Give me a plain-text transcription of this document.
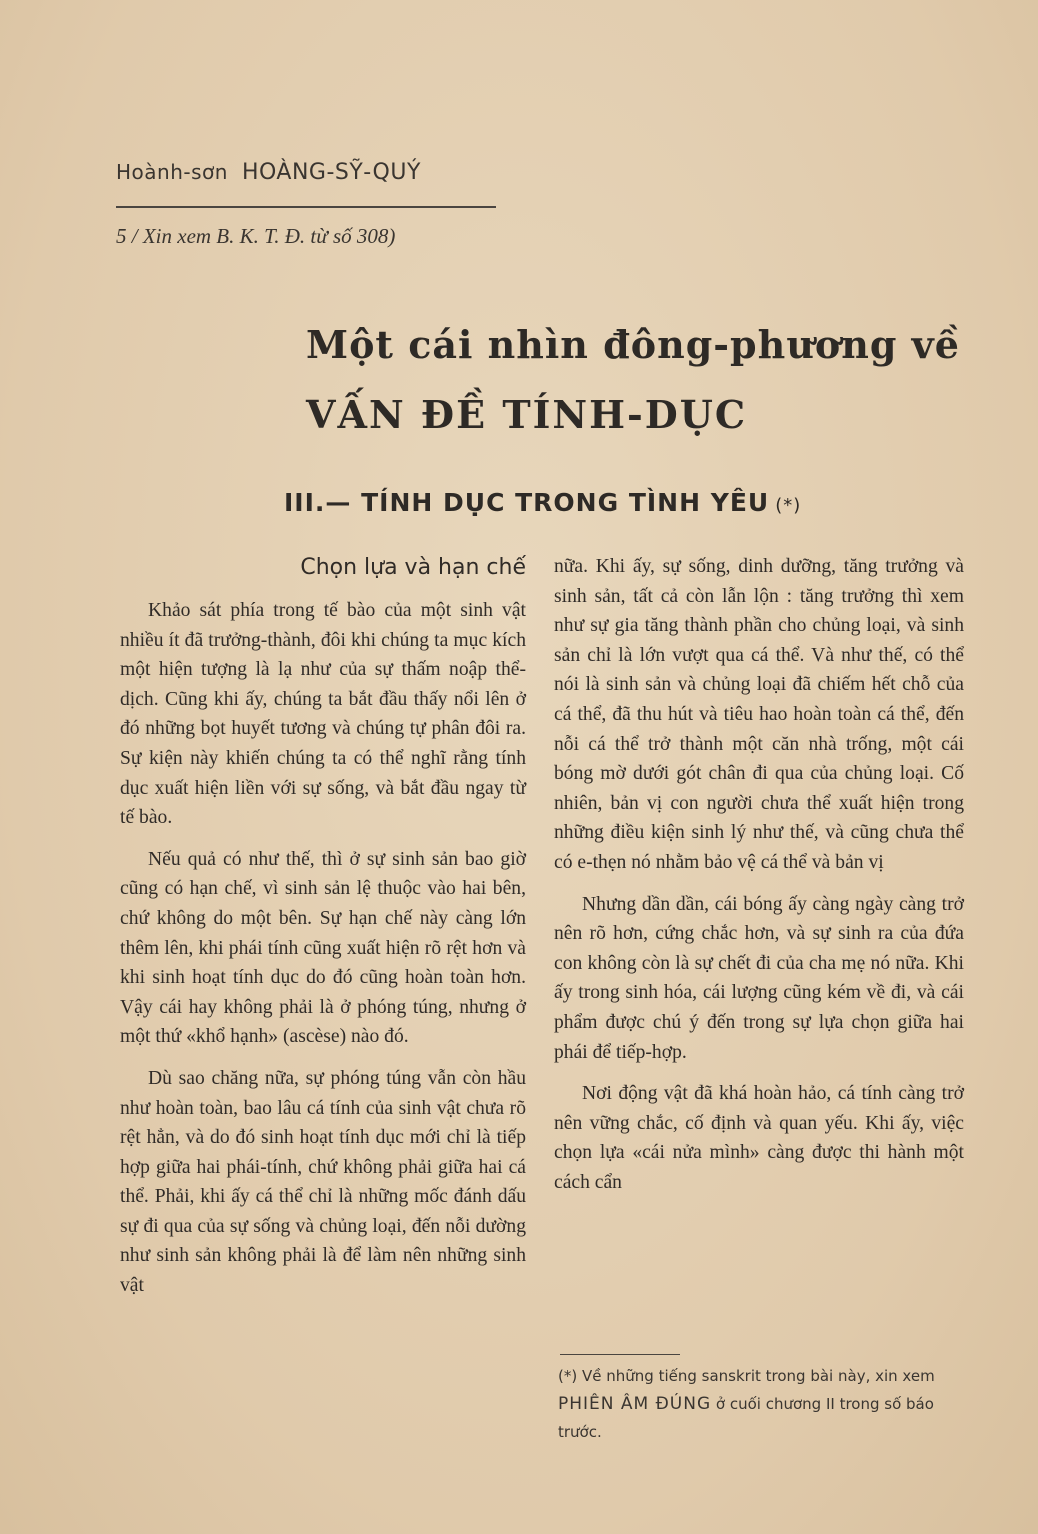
Hoành-sơn HOÀNG-SỸ-QUÝ
5 / Xin xem B. K. T. Đ. từ số 308)
Một cái nhìn đông-phương về
VẤN ĐỀ TÍNH-DỤC
III.— TÍNH DỤC TRONG TÌNH YÊU (*)
Chọn lựa và hạn chế

Khảo sát phía trong tế bào của một sinh vật nhiều ít đã trưởng-thành, đôi khi chúng ta mục kích một hiện tượng là lạ như của sự thấm noập thể-dịch. Cũng khi ấy, chúng ta bắt đầu thấy nổi lên ở đó những bọt huyết tương và chúng tự phân đôi ra. Sự kiện này khiến chúng ta có thể nghĩ rằng tính dục xuất hiện liền với sự sống, và bắt đầu ngay từ tế bào.

Nếu quả có như thế, thì ở sự sinh sản bao giờ cũng có hạn chế, vì sinh sản lệ thuộc vào hai bên, chứ không do một bên. Sự hạn chế này càng lớn thêm lên, khi phái tính cũng xuất hiện rõ rệt hơn và khi sinh hoạt tính dục do đó cũng hoàn toàn hơn. Vậy cái hay không phải là ở phóng túng, nhưng ở một thứ «khổ hạnh» (ascèse) nào đó.

Dù sao chăng nữa, sự phóng túng vẫn còn hầu như hoàn toàn, bao lâu cá tính của sinh vật chưa rõ rệt hẳn, và do đó sinh hoạt tính dục mới chỉ là tiếp hợp giữa hai phái-tính, chứ không phải giữa hai cá thể. Phải, khi ấy cá thể chỉ là những mốc đánh dấu sự đi qua của sự sống và chủng loại, đến nỗi dường như sinh sản không phải là để làm nên những sinh vật

nữa. Khi ấy, sự sống, dinh dưỡng, tăng trưởng và sinh sản, tất cả còn lẫn lộn : tăng trưởng thì xem như sự gia tăng thành phần cho chủng loại, và sinh sản chỉ là lớn vượt qua cá thể. Và như thế, có thể nói là sinh sản và chủng loại đã chiếm hết chỗ của cá thể, đã thu hút và tiêu hao hoàn toàn cá thể, đến nỗi cá thể trở thành một căn nhà trống, một cái bóng mờ dưới gót chân đi qua của chủng loại. Cố nhiên, bản vị con người chưa thể xuất hiện trong những điều kiện sinh lý như thế, và cũng chưa thể có e-thẹn nó nhằm bảo vệ cá thể và bản vị

Nhưng dần dần, cái bóng ấy càng ngày càng trở nên rõ hơn, cứng chắc hơn, và sự sinh ra của đứa con không còn là sự chết đi của cha mẹ nó nữa. Khi ấy trong sinh hóa, cái lượng cũng kém về đi, và cái phẩm được chú ý đến trong sự lựa chọn giữa hai phái để tiếp-hợp.

Nơi động vật đã khá hoàn hảo, cá tính càng trở nên vững chắc, cố định và quan yếu. Khi ấy, việc chọn lựa «cái nửa mình» càng được thi hành một cách cẩn

(*) Về những tiếng sanskrit trong bài này, xin xem PHIÊN ÂM ĐÚNG ở cuối chương II trong số báo trước.
